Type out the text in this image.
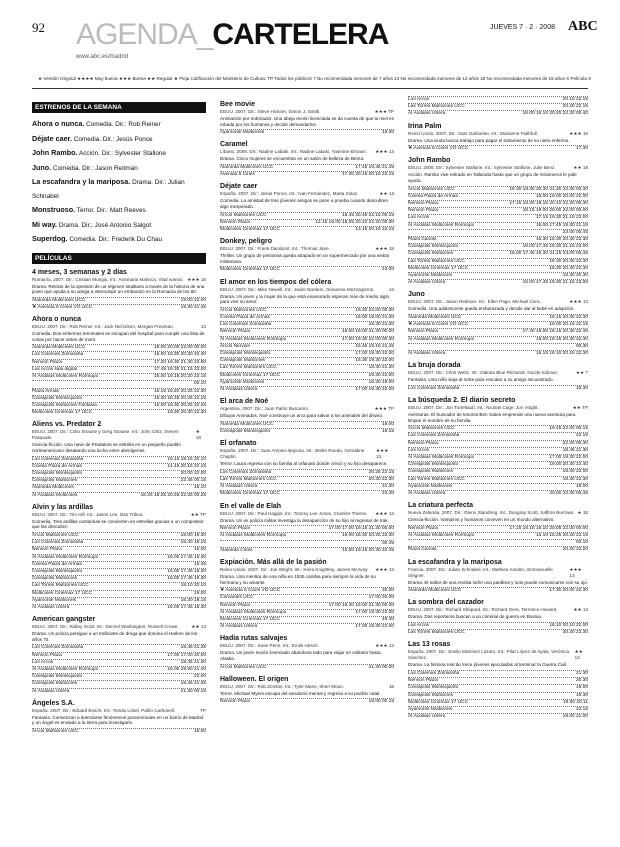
92 AGENDA_CARTELERA
www.abc.es/madrid
JUEVES 7 · 2 · 2008 ABC
★ Versión Original ★★★★ Muy buena ★★★ Buena ★★ Regular ★ Floja Calificación del Ministerio de Cultura: TP Todos los públicos 7 No recomendada menores de 7 años 13 No recomendada menores de 13 años 18 No recomendada menores de 18 años X Película X
ESTRENOS DE LA SEMANA
Ahora o nunca. Comedia. Dir.: Rob Reiner
Déjate caer. Comedia. Dir.: Jesús Ponce
John Rambo. Acción. Dir.: Sylvester Stallone
Juno. Comedia. Dir.: Jason Reitman
La escafandra y la mariposa. Drama. Dir.: Julian Schnabel
Monstruoso. Terror. Dir.: Matt Reeves
Mi way. Drama. Dir.: José Antonio Salgot
Superdog. Comedia. Dir.: Frederik Du Chau
PELÍCULAS
4 meses, 3 semanas y 2 días
Rumanía. 2007. Dir.: Cristian Mungiu. Int.: Anamaria Marinca, Vlad Ivanov. ★★★ 18
Drama. Retrato de la opresión de un régimen totalitario a través de la historia de una joven que ayuda a su amiga a interrumpir un embarazo en la Rumanía de los 80.
Alameda Multicines UCC	19.00 22.00
★ Avenida 5 Cines VO UCC	19.30 21.45
Ahora o nunca
EEUU. 2007. Dir.: Rob Reiner. Int.: Jack Nicholson, Morgan Freeman.	13
Comedia. Dos enfermos terminales se escapan del hospital para cumplir una lista de cosas por hacer antes de morir.
Alameda Multicines UCC	18.00 20.00 22.00 00.00
Los Cinemas Zomaraña	16.00 18.30 20.30 22.30
Nervión Plaza	17.20 19.30 21.40 23.50
Los Arcos sala digital	17.45 19.30 21.15 23.00
Al Andalus Multicines Rormupo	16.00 18.15 20.20 22.15
00.10
Plaza Armas	16.15 18.20 20.25 22.30
Cineápolis Montequinto	16.30 18.25 20.25 22.15
Cineápolis Multicines Fantasia	16.00 18.30 20.25 22.25
Multicines Cinemax 17 UCC	19.30 20.30 22.30
Aliens vs. Predator 2
EEUU. 2007. Dir.: Colin Strause y Greg Strause. Int.: John Ortiz, Steven Pasquale.
★ 18
Ciencia-ficción. Una nave de Predators se estrella en un pequeño pueblo norteamericano desatando una lucha entre alienígenas.
Los Cinemas Zomaraña	16.15 18.15 20.10
Cinesa Plaza de Armas	14.15 20.15 22.15
Cineápolis Montequinto	20.00 22.00
Cineápolis Multicines	22.45 00.15
Alameda Multicines	18.10
Al Andalus Multicines	16.25 18.25 20.25 22.25 00.25
Alvin y las ardillas
EEUU. 2007. Dir.: Tim Hill. Int.: Jason Lee, Dan Tribuo.	★★ TP
Comedia. Tres ardillas cantarinas se convierten en estrellas gracias a un compositor que las descubre.
Arcos Multicines UCC	18.00 19.30
Los Cinemas Zomaraña	16.40 18.15
Nervión Plaza	16.00
Al Andalus Multicines Rormupo	16.00 17.45 19.30
Cinesa Plaza de Armas	16.45
Cineápolis Montequinto	16.00 17.45 19.30
Cineápolis Multicines	16.00 17.45 19.30
Las Torres Multicines UCC	18.10 20.10
Multicines Cinemax 17 UCC	19.00
Ayamonte Multicines	16.30 18.15
Al Andalus Utrera	16.00 17.45 19.30
American gangster
EEUU. 2007. Dir.: Ridley Scott. Int.: Denzel Washington, Russell Crowe.	★★ 13
Drama. Un policía persigue a un traficante de droga que domina el Harlem de los años 70.
Los Cinemas Zomaraña	18.45 21.35
Nervión Plaza	17.00 17.00 20.00
Los Arcos	18.45 21.30
Al Andalus Multicines Rormupo	16.00 19.50 21.40
Cineápolis Montequinto	22.00
Cineápolis Multicines	18.45 21.35
Al Andalus Utrera	21.30 00.15
Ángeles S.A.
España. 2007. Dir.: Eduard Bosch. Int.: Tomás Lobel, Pablo Carbonell.	TP
Fantasía. Comienzan a detectarse fenómenos paranormales en un barrio de Madrid y un ángel es enviado a la tierra para investigarlo.
Arcos Multicines UCC	18.00
Bee movie
EEUU. 2007. Dir.: Steve Hickner, Simon J. Smith.	★★★ TP
Animación por ordenador. Una abeja recién licenciada se da cuenta de que la miel es robada por los humanos y decide demandarlos.
Ayamonte Multicines	16.30
Caramel
Líbano. 2006. Dir.: Nadine Labaki. Int.: Nadine Labaki, Yasmine Elmasri. ★★★ 13
Drama. Cinco mujeres se encuentran en un salón de belleza de Beirut.
Alameda Multicines UCC	17.45 19.45 21.45
Avenida 5 Cines	17.30 20.15 20.15 22.15
Déjate caer
España. 2007. Dir.: Jesús Ponce. Int.: Ivan Fernández, Marta Solaz.	★★ 13
Comedia. La amistad de tres jóvenes amigos se pone a prueba cuando descubren algo inesperado.
Arcos Multicines UCC	18.45 20.45 22.15 00.15
Nervión Plaza	12.15 16.00 18.05 20.10 22.20 00.30
Multicines Cinemax 17 UCC	13.15 20.15 22.15
Donkey, peligro
EEUU. 2007. Dir.: Frank Darabont. Int.: Thomas Jane.	★★★ 18
Thriller. Un grupo de personas queda atrapado en un supermercado por una niebla misteriosa.
Multicines Cinemax 17 UCC	23.00
El amor en los tiempos del cólera
EEUU. 2007. Dir.: Mike Newell. Int.: Javier Bardem, Giovanna Mezzogiorno.	13
Drama. Un joven y la mujer de la que está enamorado esperan más de medio siglo para vivir su amor.
Arcos Multicines UCC	18.30 22.00 00.30
Cinesa Plaza de Armas	16.00 19.00 21.30
Los Cinemas Zomaraña	18.30 21.30
Nervión Plaza	16.00 19.00 21.30 00.00
Al Andalus Multicines Rormupo	17.00 19.30 22.00 00.30
Arcos Nervión	16.45 19.15 21.45
Cineápolis Montequinto	17.00 19.30 22.00
Cineápolis Multicines	16.30 19.30 22.00
Las Torres Multicines UCC	18.30 21.30
Multicines Cinemax 17 UCC	19.30 22.00
Ayamonte Multicines	16.30 19.00
Al Andalus Utrera	17.00 19.30 22.00
El arca de Noé
Argentina. 2007. Dir.: Juan Pablo Buscarini.	★★★ TP
Dibujos Animados. Noé construye un arca para salvar a los animales del diluvio.
Alameda Multicines UCC	19.00
Cineápolis Montequinto	16.15
El orfanato
España. 2007. Dir.: Juan Antonio Bayona. Int.: Belén Rueda, Geraldine Chaplin.
★★★ 13
Terror. Laura regresa con su familia al orfanato donde creció y su hijo desaparece.
Los Cinemas Zomaraña	20.25 22.15
Las Torres Multicines UCC	20.30 22.30
Al Andalus Utrera	21.30
Multicines Cinemax 17 UCC	22.30
En el valle de Elah
EEUU. 2007. Dir.: Paul Haggis. Int.: Tommy Lee Jones, Charlize Theron. ★★★ 13
Drama. Un ex policía militar investiga la desaparición de su hijo al regresar de Irak.
Nervión Plaza	17.00 17.00 19.15 21.30 00.00
Al Andalus Multicines Rormupo	16.00 18.30 20.25 22.30
00.45
Alameda Cines	16.00 19.15 20.30 22.45
Expiación. Más allá de la pasión
Reino Unido. 2007. Dir.: Joe Wright. Int.: Keira Knightley, James McAvoy. ★★★ 13
Drama. Una mentira de una niña en 1935 cambia para siempre la vida de su hermana y su amante.
★ Avenida 5 Cines VO UCC	20.00
Cervantes UCC	17.00 20.00
Nervión Plaza	17.00 16.30 19.00 21.30 00.00
Al Andalus Multicines Rormupo	17.00 19.30 22.00
Multicines Cinemax 17 UCC	19.30
Al Andalus Utrera	17.00 19.30 22.00
Hadia rutas salvajes
EEUU. 2007. Dir.: Sean Penn. Int.: Emile Hirsch.	★★★ 13
Drama. Un joven recién licenciado abandona todo para viajar en solitario hasta Alaska.
Arcos Multicines UCC	21.30 00.00
Halloween. El origen
EEUU. 2007. Dir.: Rob Zombie. Int.: Tyler Mane, Sheri Moon.	18
Terror. Michael Myers escapa del sanatorio mental y regresa a su pueblo natal.
Nervión Plaza	18.00 00.15
Los Arcos	20.15 22.15
Las Torres Multicines UCC	20.20 22.15
Al Andalus Utrera	16.00 18.10 20.20 22.30 00.40
Irina Palm
Reino Unido. 2007. Dir.: Sam Garbarski. Int.: Marianne Faithfull.	★★★ 18
Drama. Una viuda busca trabajo para pagar el tratamiento de su nieto enfermo.
★ Avenida 5 Cines VO UCC	17.30
John Rambo
EEUU. 2008. Dir.: Sylvester Stallone. Int.: Sylvester Stallone, Julie Benz.	★★ 18
Acción. Rambo vive retirado en Tailandia hasta que un grupo de misioneros le pide ayuda.
Arcos Multicines UCC	18.30 19.30 20.30 21.30 22.30 00.30
Cinesa Plaza de Armas	16.00 18.00 20.00 22.00
Nervión Plaza	17.15 16.00 18.15 20.10 22.20 00.30
Nervión Plaza	18.15 19.00 20.00 22.00 00.00
Los Arcos	17.15 19.30 21.15 23.00
Al Andalus Multicines Rormupo	16.00 17.45 19.30 21.15
23.00 00.45
Plaza Camas	16.30 18.30 20.30 22.30
Cineápolis Montequinto	16.00 17.45 19.30 21.15 23.00
Cineápolis Multicines	16.00 17.45 19.30 21.15 23.00 00.45
Las Torres Multicines UCC	18.30 20.30 22.30
Multicines Cinemax 17 UCC	18.30 20.30 22.30
Ayamonte Multicines	18.30 20.30
Al Andalus Utrera	16.00 17.45 19.30 21.15 23.00
Juno
EEUU. 2007. Dir.: Jason Reitman. Int.: Ellen Page, Michael Cera.	★★★ 13
Comedia. Una adolescente queda embarazada y decide dar al bebé en adopción.
Alameda Multicines UCC	18.15 20.30 22.30
★ Avenida 5 Cines VO UCC	18.00 20.15 22.15
Nervión Plaza	17.30 16.00 18.15 20.30 22.45
Al Andalus Multicines Rormupo	16.00 18.15 20.30 22.30
00.30
Al Andalus Utrera	16.15 18.10 20.15 22.30
La bruja dorada
EEUU. 2007. Dir.: Chris Weitz. Int.: Dakota Blue Richards, Nicole Kidman.	★★ 7
Fantasía. Una niña viaja al norte para rescatar a su amigo secuestrado.
Los Cinemas Zomaraña	16.30
La búsqueda 2. El diario secreto
EEUU. 2007. Dir.: Jon Turteltaub. Int.: Nicolas Cage, Jon Voight.	★★ TP
Aventuras. El buscador de tesoros Ben Gates emprende una nueva aventura para limpiar el nombre de su familia.
Arcos Multicines UCC	19.45 22.00 00.15
Los Cinemas Zomaraña	22.15
Nervión Plaza	22.00 00.30
Los Arcos	18.45 21.30
Al Andalus Multicines Rormupo	17.00 19.30 22.00
Cineápolis Montequinto	19.00 20.30 22.40
Cineápolis Multicines	19.00 22.00
Las Torres Multicines UCC	18.30 22.30
Ayamonte Multicines	18.00
Al Andalus Utrera	20.00 22.30 00.45
La criatura perfecta
Nueva Zelanda. 2007. Dir.: Glenn Standring. Int.: Dougray Scott, Saffron Burrows. ★ 18
Ciencia-ficción. Vampiros y humanos conviven en un mundo alternativo.
Nervión Plaza	17.15 16.15 18.10 20.05 22.00 00.00
Al Andalus Multicines Rormupo	16.10 18.25 20.20 22.15
00.10
Plaza Camas	20.20 22.20
La escafandra y la mariposa
Francia. 2007. Dir.: Julian Schnabel. Int.: Mathieu Amalric, Emmanuelle Seigner.
★★★ 13
Drama. El editor de una revista sufre una parálisis y solo puede comunicarse con su ojo.
Alameda Multicines UCC	17.30 20.00 22.30
La sombra del cazador
EEUU. 2007. Dir.: Richard Shepard. Int.: Richard Gere, Terrence Howard.	★★ 13
Drama. Dos reporteros buscan a un criminal de guerra en Bosnia.
Los Arcos	18.10 20.10 22.00
Las Torres Multicines UCC	20.20 22.30
Las 13 rosas
España. 2007. Dir.: Emilio Martínez Lázaro. Int.: Pilar López de Ayala, Verónica Sánchez.
★★ 13
Drama. La historia real de trece jóvenes ejecutadas al terminar la Guerra Civil.
Los Cinemas Zomaraña	21.30
Nervión Plaza	20.30
Cineápolis Montequinto	19.00
Cineápolis Multicines	19.30
Multicines Cinemax 17 UCC	19.00 20.11
Ayamonte Multicines	22.15
Al Andalus Utrera	19.00 21.00
